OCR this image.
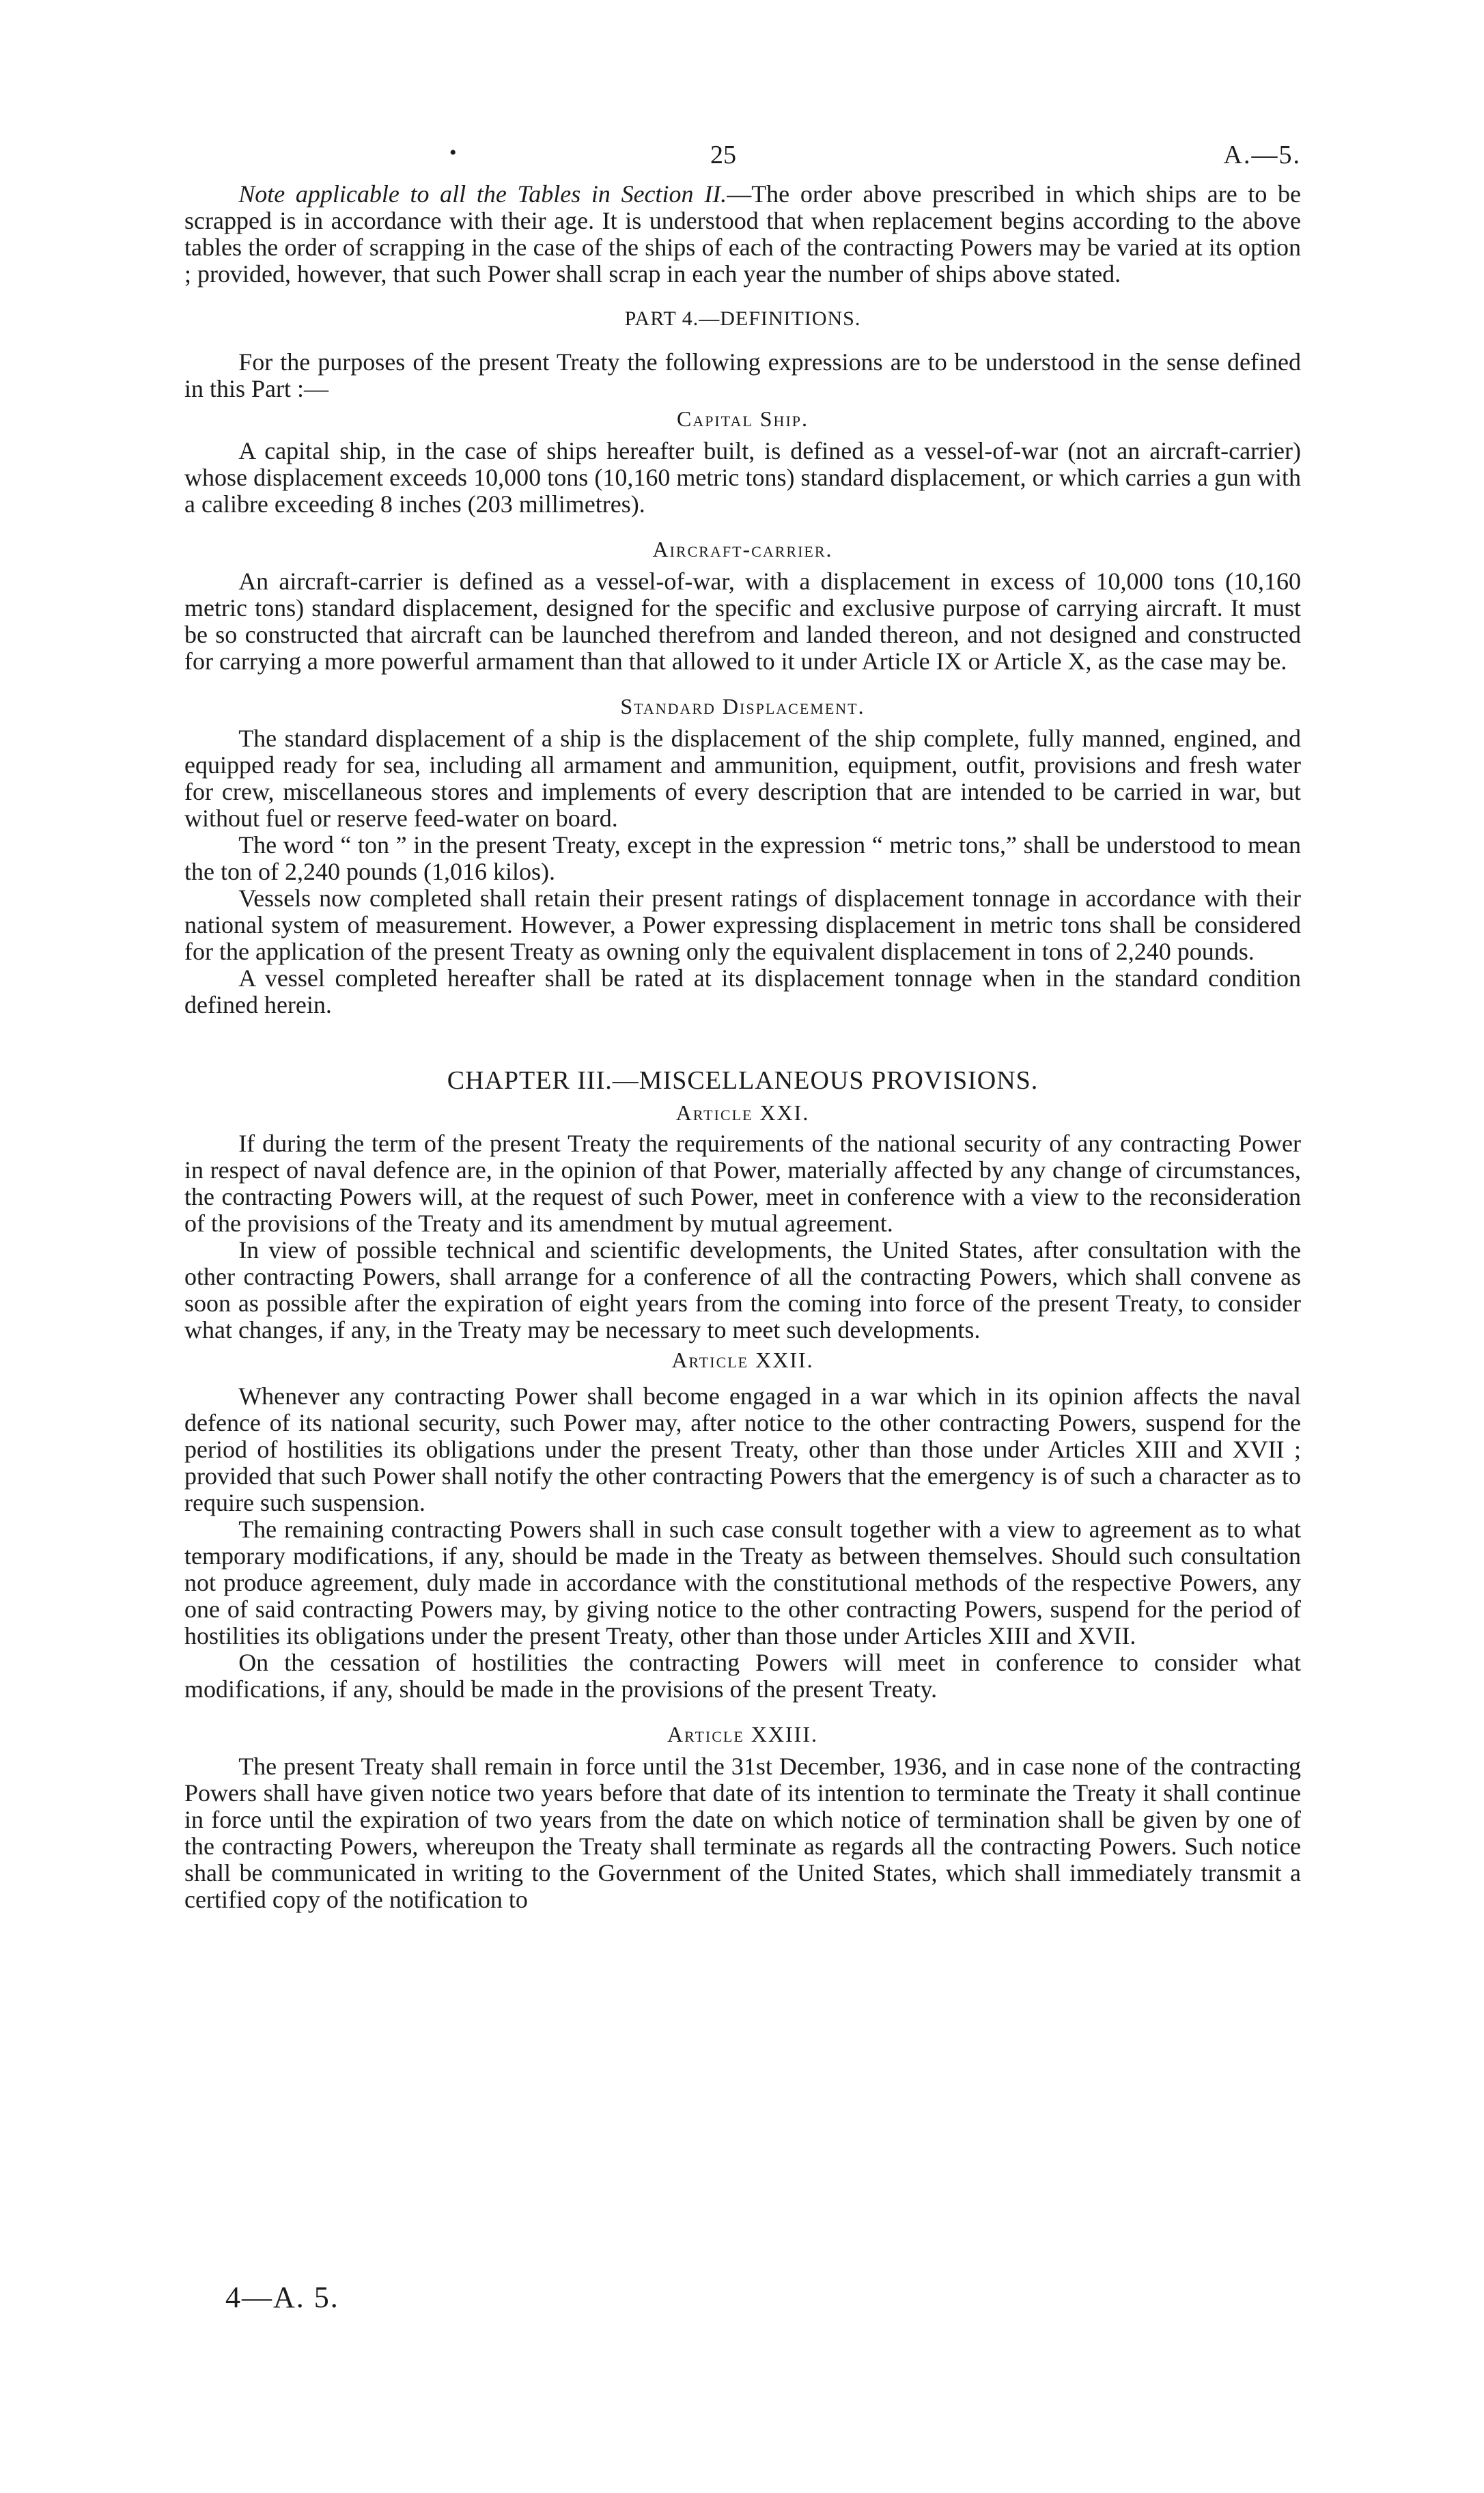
•	25	A.—5.

Note applicable to all the Tables in Section II.—The order above prescribed in which ships are to be scrapped is in accordance with their age. It is understood that when replacement begins according to the above tables the order of scrapping in the case of the ships of each of the contracting Powers may be varied at its option ; provided, however, that such Power shall scrap in each year the number of ships above stated.

PART 4.—DEFINITIONS.

For the purposes of the present Treaty the following expressions are to be understood in the sense defined in this Part :—

Capital Ship.

A capital ship, in the case of ships hereafter built, is defined as a vessel-of-war (not an aircraft-carrier) whose displacement exceeds 10,000 tons (10,160 metric tons) standard displacement, or which carries a gun with a calibre exceeding 8 inches (203 millimetres).

Aircraft-carrier.

An aircraft-carrier is defined as a vessel-of-war, with a displacement in excess of 10,000 tons (10,160 metric tons) standard displacement, designed for the specific and exclusive purpose of carrying aircraft. It must be so constructed that aircraft can be launched therefrom and landed thereon, and not designed and constructed for carrying a more powerful armament than that allowed to it under Article IX or Article X, as the case may be.

Standard Displacement.

The standard displacement of a ship is the displacement of the ship complete, fully manned, engined, and equipped ready for sea, including all armament and ammunition, equipment, outfit, provisions and fresh water for crew, miscellaneous stores and implements of every description that are intended to be carried in war, but without fuel or reserve feed-water on board.

The word “ ton ” in the present Treaty, except in the expression “ metric tons,” shall be understood to mean the ton of 2,240 pounds (1,016 kilos).

Vessels now completed shall retain their present ratings of displacement tonnage in accordance with their national system of measurement. However, a Power expressing displacement in metric tons shall be considered for the application of the present Treaty as owning only the equivalent displacement in tons of 2,240 pounds.

A vessel completed hereafter shall be rated at its displacement tonnage when in the standard condition defined herein.

CHAPTER III.—MISCELLANEOUS PROVISIONS.
Article XXI.

If during the term of the present Treaty the requirements of the national security of any contracting Power in respect of naval defence are, in the opinion of that Power, materially affected by any change of circumstances, the contracting Powers will, at the request of such Power, meet in conference with a view to the reconsideration of the provisions of the Treaty and its amendment by mutual agreement.

In view of possible technical and scientific developments, the United States, after consultation with the other contracting Powers, shall arrange for a conference of all the contracting Powers, which shall convene as soon as possible after the expiration of eight years from the coming into force of the present Treaty, to consider what changes, if any, in the Treaty may be necessary to meet such developments.

Article XXII.

Whenever any contracting Power shall become engaged in a war which in its opinion affects the naval defence of its national security, such Power may, after notice to the other contracting Powers, suspend for the period of hostilities its obligations under the present Treaty, other than those under Articles XIII and XVII ; provided that such Power shall notify the other contracting Powers that the emergency is of such a character as to require such suspension.

The remaining contracting Powers shall in such case consult together with a view to agreement as to what temporary modifications, if any, should be made in the Treaty as between themselves. Should such consultation not produce agreement, duly made in accordance with the constitutional methods of the respective Powers, any one of said contracting Powers may, by giving notice to the other contracting Powers, suspend for the period of hostilities its obligations under the present Treaty, other than those under Articles XIII and XVII.

On the cessation of hostilities the contracting Powers will meet in conference to consider what modifications, if any, should be made in the provisions of the present Treaty.

Article XXIII.

The present Treaty shall remain in force until the 31st December, 1936, and in case none of the contracting Powers shall have given notice two years before that date of its intention to terminate the Treaty it shall continue in force until the expiration of two years from the date on which notice of termination shall be given by one of the contracting Powers, whereupon the Treaty shall terminate as regards all the contracting Powers. Such notice shall be communicated in writing to the Government of the United States, which shall immediately transmit a certified copy of the notification to

4—A. 5.
